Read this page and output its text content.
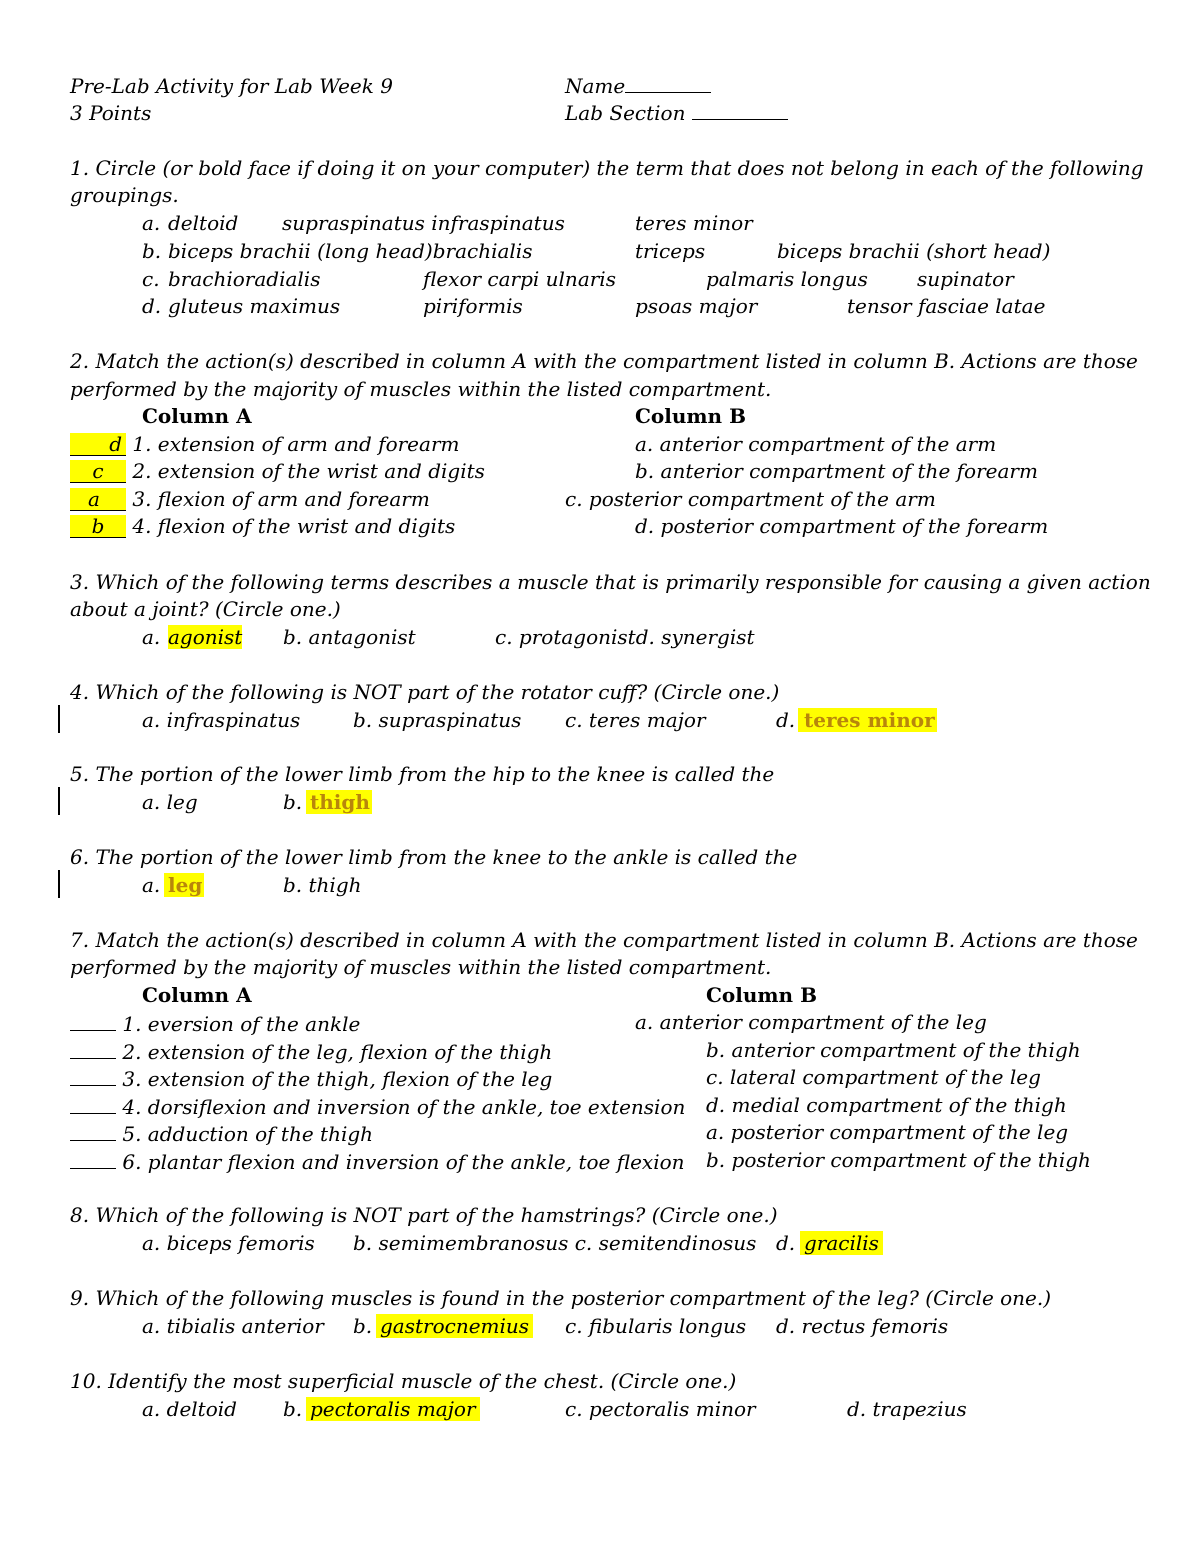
Pre-Lab Activity for Lab Week 9
3 Points
Name
Lab Section
1. Circle (or bold face if doing it on your computer) the term that does not belong in each of the following
groupings.
a. deltoid supraspinatus infraspinatus	teres minor
b. biceps brachii (long head)brachialis	triceps	biceps brachii (short head)
c. brachioradialis	flexor carpi ulnaris	palmaris longus supinator
d. gluteus maximus	piriformis	psoas major	tensor fasciae latae
2. Match the action(s) described in column A with the compartment listed in column B. Actions are those
performed by the majority of muscles within the listed compartment.
Column A	Column B
d 1. extension of arm and forearm	a. anterior compartment of the arm
c 2. extension of the wrist and digits	b. anterior compartment of the forearm
a 3. flexion of arm and forearm	c. posterior compartment of the arm
b 4. flexion of the wrist and digits	d. posterior compartment of the forearm
3. Which of the following terms describes a muscle that is primarily responsible for causing a given action
about a joint? (Circle one.)
a. agonist b. antagonist	c. protagonistd. synergist
4. Which of the following is NOT part of the rotator cuff? (Circle one.)
a. infraspinatus	b. supraspinatus c. teres major	d. teres minor
5. The portion of the lower limb from the hip to the knee is called the
a. leg	b. thigh
6. The portion of the lower limb from the knee to the ankle is called the
a. leg	b. thigh
7. Match the action(s) described in column A with the compartment listed in column B. Actions are those
performed by the majority of muscles within the listed compartment.
Column A	Column B
1. eversion of the ankle	a. anterior compartment of the leg
2. extension of the leg, flexion of the thigh	b. anterior compartment of the thigh
3. extension of the thigh, flexion of the leg	c. lateral compartment of the leg
4. dorsiflexion and inversion of the ankle, toe extension d. medial compartment of the thigh
5. adduction of the thigh	a. posterior compartment of the leg
6. plantar flexion and inversion of the ankle, toe flexion b. posterior compartment of the thigh
8. Which of the following is NOT part of the hamstrings? (Circle one.)
a. biceps femoris b. semimembranosus c. semitendinosus d. gracilis
9. Which of the following muscles is found in the posterior compartment of the leg? (Circle one.)
a. tibialis anterior b. gastrocnemius c. fibularis longus d. rectus femoris
10. Identify the most superficial muscle of the chest. (Circle one.)
a. deltoid b. pectoralis major	c. pectoralis minor	d. trapezius
